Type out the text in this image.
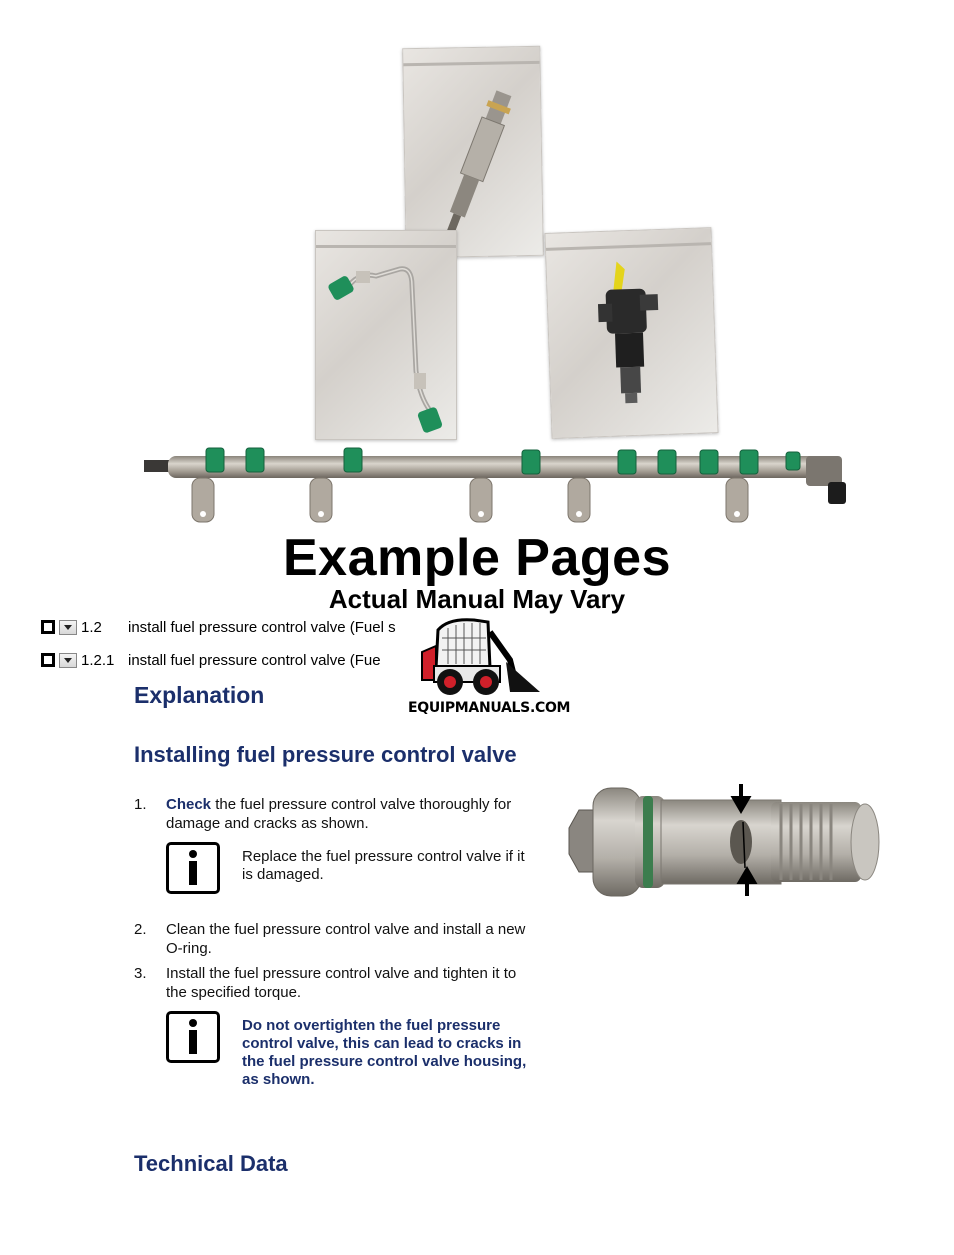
Example Pages
Actual Manual May Vary
1.2	install fuel pressure control valve (Fuel s
1.2.1 install fuel pressure control valve (Fue
EQUIPMANUALS.COM
Explanation
Installing fuel pressure control valve
1. Check the fuel pressure control valve thoroughly for damage and cracks as shown.
Replace the fuel pressure control valve if it is damaged.
2. Clean the fuel pressure control valve and install a new O-ring.
3. Install the fuel pressure control valve and tighten it to the specified torque.
Do not overtighten the fuel pressure control valve, this can lead to cracks in the fuel pressure control valve housing, as shown.
Technical Data
